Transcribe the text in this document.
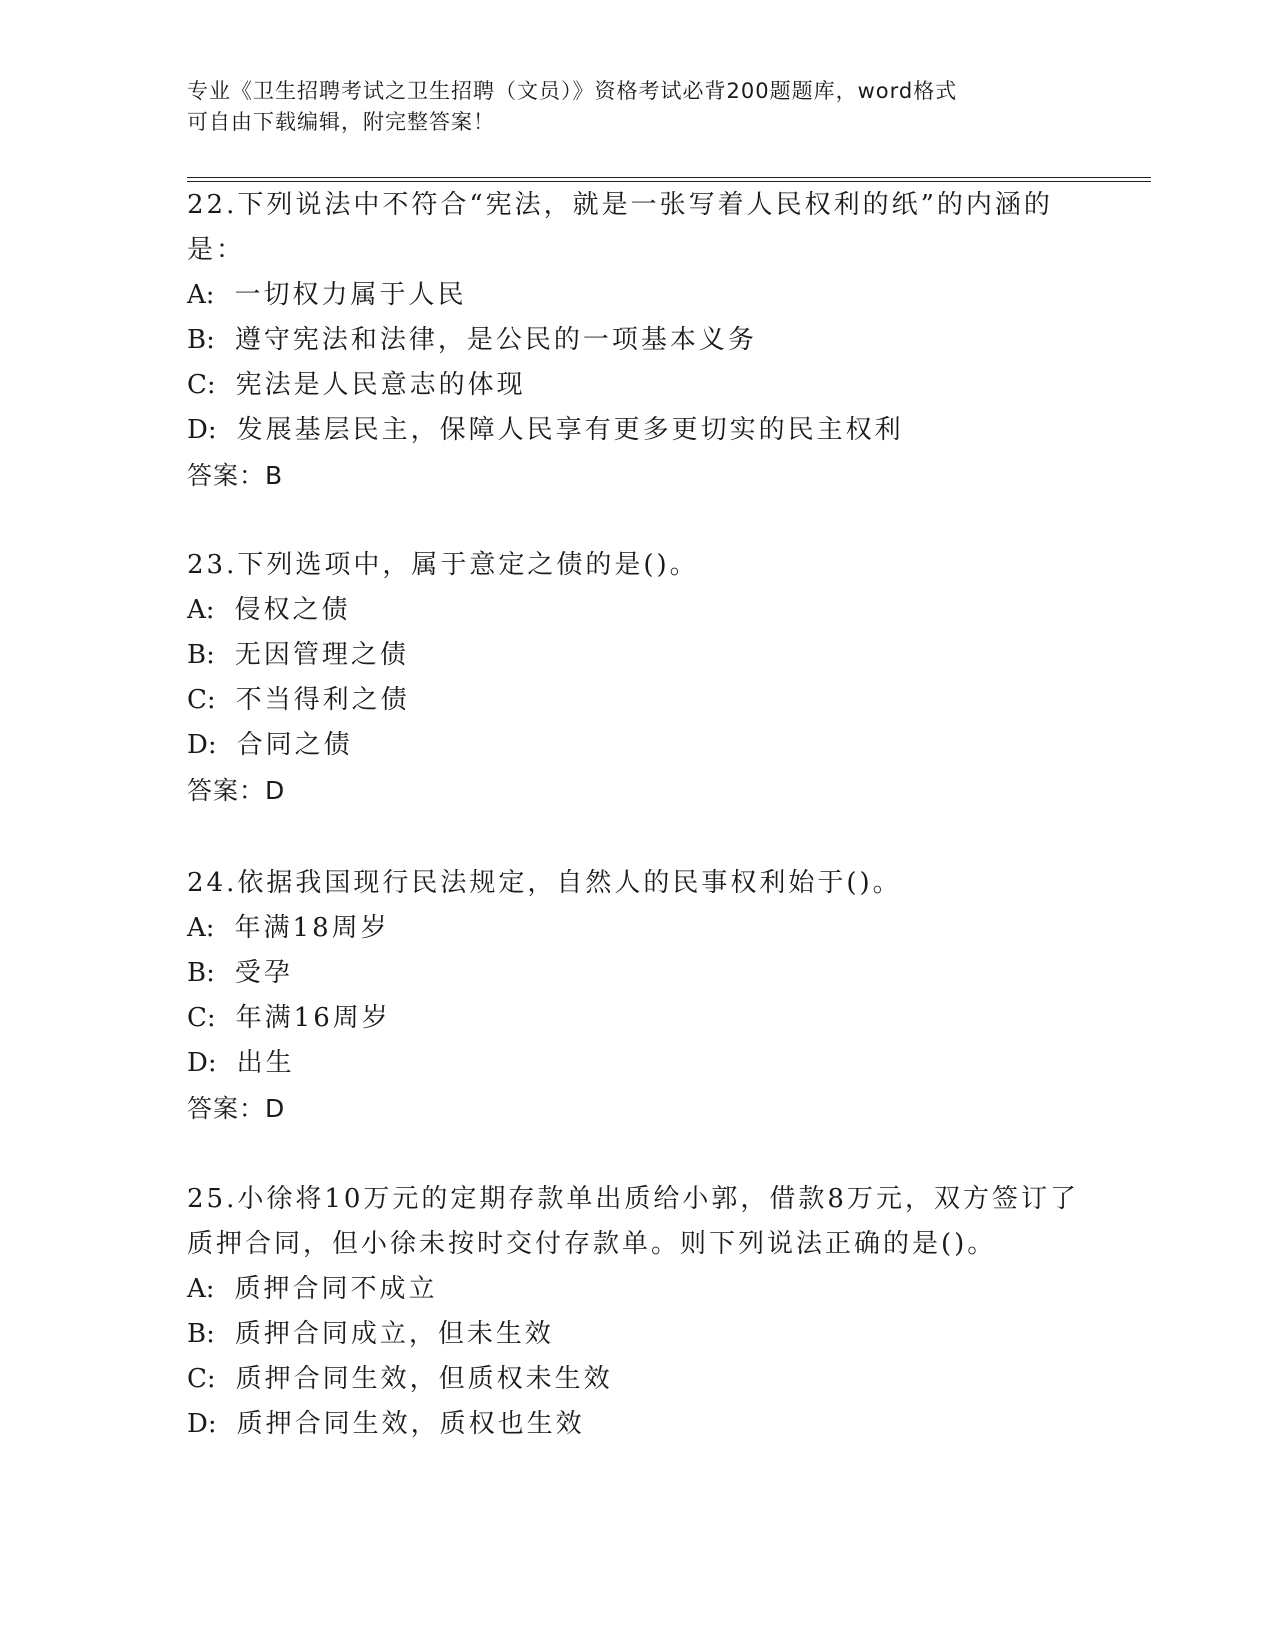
专业《卫生招聘考试之卫生招聘（文员）》资格考试必背200题题库，word格式
可自由下载编辑，附完整答案！

22.下列说法中不符合“宪法，就是一张写着人民权利的纸”的内涵的是：

A: 一切权力属于人民
B: 遵守宪法和法律，是公民的一项基本义务
C: 宪法是人民意志的体现
D: 发展基层民主，保障人民享有更多更切实的民主权利
答案：B

23.下列选项中，属于意定之债的是()。

A: 侵权之债
B: 无因管理之债
C: 不当得利之债
D: 合同之债
答案：D

24.依据我国现行民法规定，自然人的民事权利始于()。

A: 年满18周岁
B: 受孕
C: 年满16周岁
D: 出生
答案：D

25.小徐将10万元的定期存款单出质给小郭，借款8万元，双方签订了质押合同，但小徐未按时交付存款单。则下列说法正确的是()。

A: 质押合同不成立
B: 质押合同成立，但未生效
C: 质押合同生效，但质权未生效
D: 质押合同生效，质权也生效
